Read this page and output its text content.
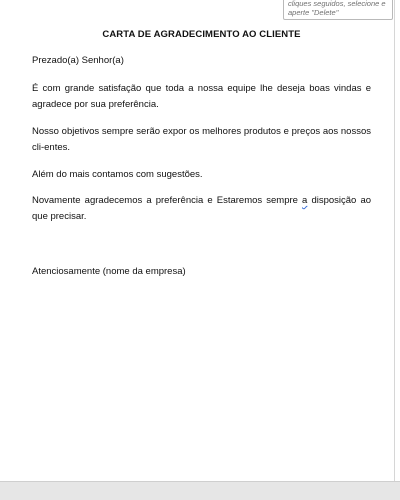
cliques seguidos, selecione e
aperte "Delete"
CARTA DE AGRADECIMENTO AO CLIENTE

Prezado(a) Senhor(a)

É com grande satisfação que toda a nossa equipe lhe deseja boas vindas e agradece por sua preferência.

Nosso objetivos sempre serão expor os melhores produtos e preços aos nossos cli-entes.

Além do mais contamos com sugestões.

Novamente agradecemos a preferência e Estaremos sempre a disposição ao que precisar.

Atenciosamente (nome da empresa)
